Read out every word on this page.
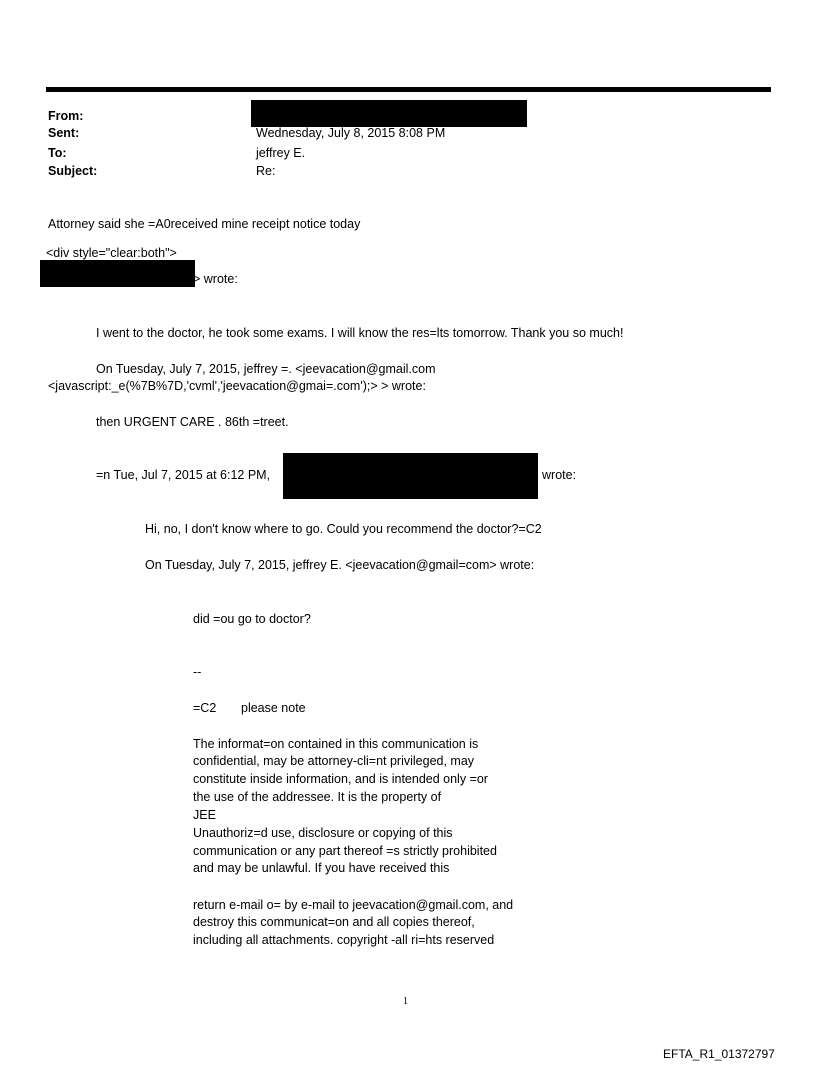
From:
Sent:
To:
Subject:
Wednesday, July 8, 2015 8:08 PM
jeffrey E.
Re:
Attorney said she =A0received mine receipt notice today
<div style="clear:both">
> wrote:
I went to the doctor, he took some exams. I will know the res=lts tomorrow. Thank you so much!
On Tuesday, July 7, 2015, jeffrey =. <jeevacation@gmail.com
<javascript:_e(%7B%7D,'cvml','jeevacation@gmai=.com');> > wrote:
then URGENT CARE . 86th =treet.
=n Tue, Jul 7, 2015 at 6:12 PM,	wrote:
Hi, no, I don't know where to go. Could you recommend the doctor?=C2
On Tuesday, July 7, 2015, jeffrey E. <jeevacation@gmail=com> wrote:
did =ou go to doctor?
--
=C2 please note
The informat=on contained in this communication is
confidential, may be attorney-cli=nt privileged, may
constitute inside information, and is intended only =or
the use of the addressee. It is the property of
JEE
Unauthoriz=d use, disclosure or copying of this
communication or any part thereof =s strictly prohibited
and may be unlawful. If you have received this
return e-mail o= by e-mail to jeevacation@gmail.com, and
destroy this communicat=on and all copies thereof,
including all attachments. copyright -all ri=hts reserved
1
EFTA_R1_01372797
